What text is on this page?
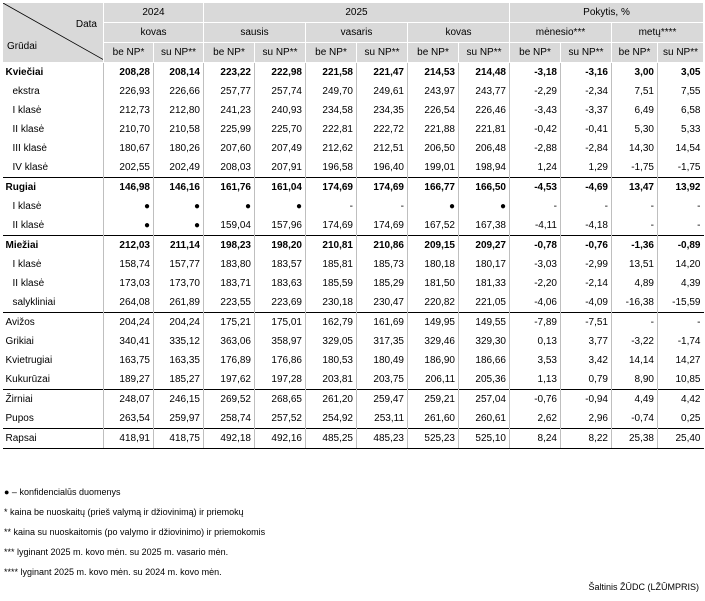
Data
Grūdai	2024		2025						Pokytis, %			
	kovas		sausis		vasaris		kovas		mėnesio***		metų****	
	be NP*	su NP**	be NP*	su NP**	be NP*	su NP**	be NP*	su NP**	be NP*	su NP**	be NP*	su NP**
Kviečiai	208,28	208,14	223,22	222,98	221,58	221,47	214,53	214,48	-3,18	-3,16	3,00	3,05
ekstra	226,93	226,66	257,77	257,74	249,70	249,61	243,97	243,77	-2,29	-2,34	7,51	7,55
I klasė	212,73	212,80	241,23	240,93	234,58	234,35	226,54	226,46	-3,43	-3,37	6,49	6,58
II klasė	210,70	210,58	225,99	225,70	222,81	222,72	221,88	221,81	-0,42	-0,41	5,30	5,33
III klasė	180,67	180,26	207,60	207,49	212,62	212,51	206,50	206,48	-2,88	-2,84	14,30	14,54
IV klasė	202,55	202,49	208,03	207,91	196,58	196,40	199,01	198,94	1,24	1,29	-1,75	-1,75
Rugiai	146,98	146,16	161,76	161,04	174,69	174,69	166,77	166,50	-4,53	-4,69	13,47	13,92
I klasė	●	●	●	●	-	-	●	●	-	-	-	-
II klasė	●	●	159,04	157,96	174,69	174,69	167,52	167,38	-4,11	-4,18	-	-
Miežiai	212,03	211,14	198,23	198,20	210,81	210,86	209,15	209,27	-0,78	-0,76	-1,36	-0,89
I klasė	158,74	157,77	183,80	183,57	185,81	185,73	180,18	180,17	-3,03	-2,99	13,51	14,20
II klasė	173,03	173,70	183,71	183,63	185,59	185,29	181,50	181,33	-2,20	-2,14	4,89	4,39
salykliniai	264,08	261,89	223,55	223,69	230,18	230,47	220,82	221,05	-4,06	-4,09	-16,38	-15,59
Avižos	204,24	204,24	175,21	175,01	162,79	161,69	149,95	149,55	-7,89	-7,51	-	-
Grikiai	340,41	335,12	363,06	358,97	329,05	317,35	329,46	329,30	0,13	3,77	-3,22	-1,74
Kvietrugiai	163,75	163,35	176,89	176,86	180,53	180,49	186,90	186,66	3,53	3,42	14,14	14,27
Kukurūzai	189,27	185,27	197,62	197,28	203,81	203,75	206,11	205,36	1,13	0,79	8,90	10,85
Žirniai	248,07	246,15	269,52	268,65	261,20	259,47	259,21	257,04	-0,76	-0,94	4,49	4,42
Pupos	263,54	259,97	258,74	257,52	254,92	253,11	261,60	260,61	2,62	2,96	-0,74	0,25
Rapsai	418,91	418,75	492,18	492,16	485,25	485,23	525,23	525,10	8,24	8,22	25,38	25,40
● – konfidencialūs duomenys
* kaina be nuoskaitų (prieš valymą ir džiovinimą) ir priemokų
** kaina su nuoskaitomis (po valymo ir džiovinimo) ir priemokomis
*** lyginant 2025 m. kovo mėn. su 2025 m. vasario mėn.
**** lyginant 2025 m. kovo mėn. su 2024 m. kovo mėn.
Šaltinis ŽŪDC (LŽŪMPRIS)
